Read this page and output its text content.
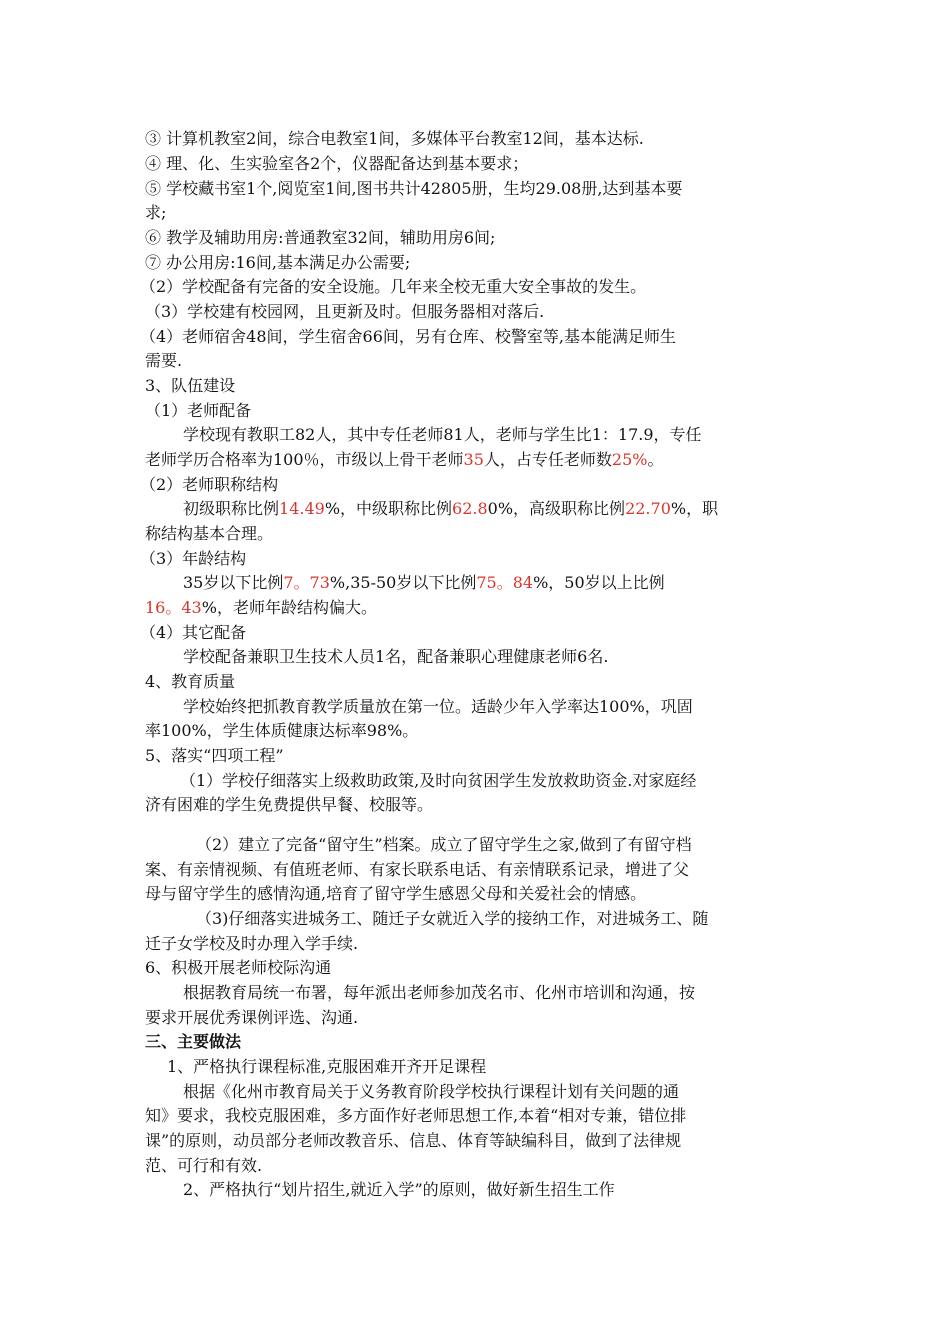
③ 计算机教室2间，综合电教室1间，多媒体平台教室12间，基本达标.
④ 理、化、生实验室各2个，仪器配备达到基本要求；
⑤ 学校藏书室1个,阅览室1间,图书共计42805册，生均29.08册,达到基本要
求;
⑥ 教学及辅助用房:普通教室32间，辅助用房6间;
⑦ 办公用房:16间,基本满足办公需要;
（2）学校配备有完备的安全设施。几年来全校无重大安全事故的发生。
（3）学校建有校园网，且更新及时。但服务器相对落后.
（4）老师宿舍48间，学生宿舍66间，另有仓库、校警室等,基本能满足师生
需要.
3、队伍建设
（1）老师配备
学校现有教职工82人，其中专任老师81人，老师与学生比1：17.9，专任
老师学历合格率为100％，市级以上骨干老师35人，占专任老师数25%。
（2）老师职称结构
初级职称比例14.49%，中级职称比例62.80%，高级职称比例22.70%，职
称结构基本合理。
（3）年龄结构
35岁以下比例7。73%,35-50岁以下比例75。84%，50岁以上比例
16。43%，老师年龄结构偏大。
（4）其它配备
学校配备兼职卫生技术人员1名，配备兼职心理健康老师6名.
4、教育质量
学校始终把抓教育教学质量放在第一位。适龄少年入学率达100%，巩固
率100%，学生体质健康达标率98%。
5、落实“四项工程”
（1）学校仔细落实上级救助政策,及时向贫困学生发放救助资金.对家庭经
济有困难的学生免费提供早餐、校服等。
（2）建立了完备“留守生”档案。成立了留守学生之家,做到了有留守档
案、有亲情视频、有值班老师、有家长联系电话、有亲情联系记录，增进了父
母与留守学生的感情沟通,培育了留守学生感恩父母和关爱社会的情感。
（3)仔细落实进城务工、随迁子女就近入学的接纳工作，对进城务工、随
迁子女学校及时办理入学手续.
6、积极开展老师校际沟通
根据教育局统一布署，每年派出老师参加茂名市、化州市培训和沟通，按
要求开展优秀课例评选、沟通.
三、主要做法
1、严格执行课程标准,克服困难开齐开足课程
根据《化州市教育局关于义务教育阶段学校执行课程计划有关问题的通
知》要求，我校克服困难，多方面作好老师思想工作,本着“相对专兼，错位排
课”的原则，动员部分老师改教音乐、信息、体育等缺编科目，做到了法律规
范、可行和有效.
2、严格执行“划片招生,就近入学”的原则，做好新生招生工作
